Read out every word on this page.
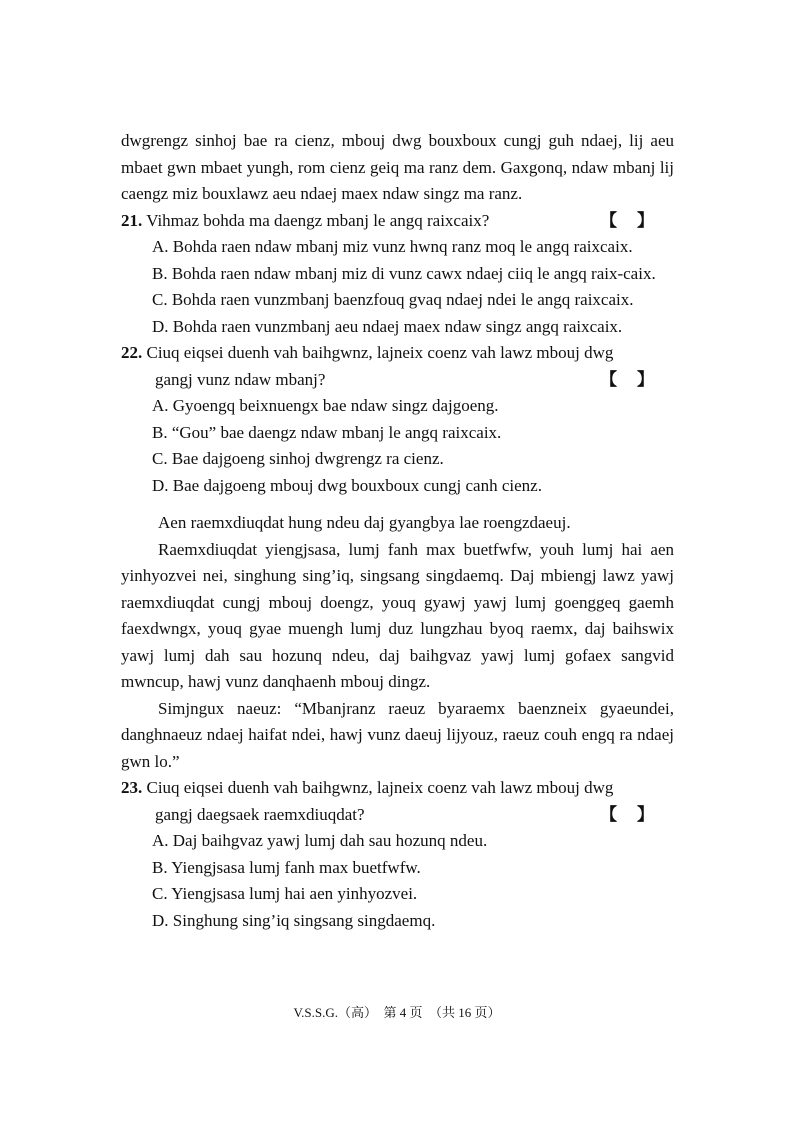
dwgrengz sinhoj bae ra cienz, mbouj dwg bouxboux cungj guh ndaej, lij aeu mbaet gwn mbaet yungh, rom cienz geiq ma ranz dem. Gaxgonq, ndaw mbanj lij caengz miz bouxlawz aeu ndaej maex ndaw singz ma ranz.

21. Vihmaz bohda ma daengz mbanj le angq raixcaix?	【】

A. Bohda raen ndaw mbanj miz vunz hwnq ranz moq le angq raixcaix.

B. Bohda raen ndaw mbanj miz di vunz cawx ndaej ciiq le angq raix-caix.

C. Bohda raen vunzmbanj baenzfouq gvaq ndaej ndei le angq raixcaix.

D. Bohda raen vunzmbanj aeu ndaej maex ndaw singz angq raixcaix.

22. Ciuq eiqsei duenh vah baihgwnz, lajneix coenz vah lawz mbouj dwg

gangj vunz ndaw mbanj?	【】

A. Gyoengq beixnuengx bae ndaw singz dajgoeng.

B. “Gou” bae daengz ndaw mbanj le angq raixcaix.

C. Bae dajgoeng sinhoj dwgrengz ra cienz.

D. Bae dajgoeng mbouj dwg bouxboux cungj canh cienz.

Aen raemxdiuqdat hung ndeu daj gyangbya lae roengzdaeuj.

Raemxdiuqdat yiengjsasa, lumj fanh max buetfwfw, youh lumj hai aen yinhyozvei nei, singhung sing’iq, singsang singdaemq. Daj mbiengj lawz yawj raemxdiuqdat cungj mbouj doengz, youq gyawj yawj lumj goenggeq gaemh faexdwngx, youq gyae muengh lumj duz lungzhau byoq raemx, daj baihswix yawj lumj dah sau hozunq ndeu, daj baihgvaz yawj lumj gofaex sangvid mwncup, hawj vunz danqhaenh mbouj dingz.

Simjngux naeuz: “Mbanjranz raeuz byaraemx baenzneix gyaeundei, danghnaeuz ndaej haifat ndei, hawj vunz daeuj lijyouz, raeuz couh engq ra ndaej gwn lo.”

23. Ciuq eiqsei duenh vah baihgwnz, lajneix coenz vah lawz mbouj dwg

gangj daegsaek raemxdiuqdat?	【】

A. Daj baihgvaz yawj lumj dah sau hozunq ndeu.

B. Yiengjsasa lumj fanh max buetfwfw.

C. Yiengjsasa lumj hai aen yinhyozvei.

D. Singhung sing’iq singsang singdaemq.

V.S.S.G.（高）　第 4 页　（共 16 页）
